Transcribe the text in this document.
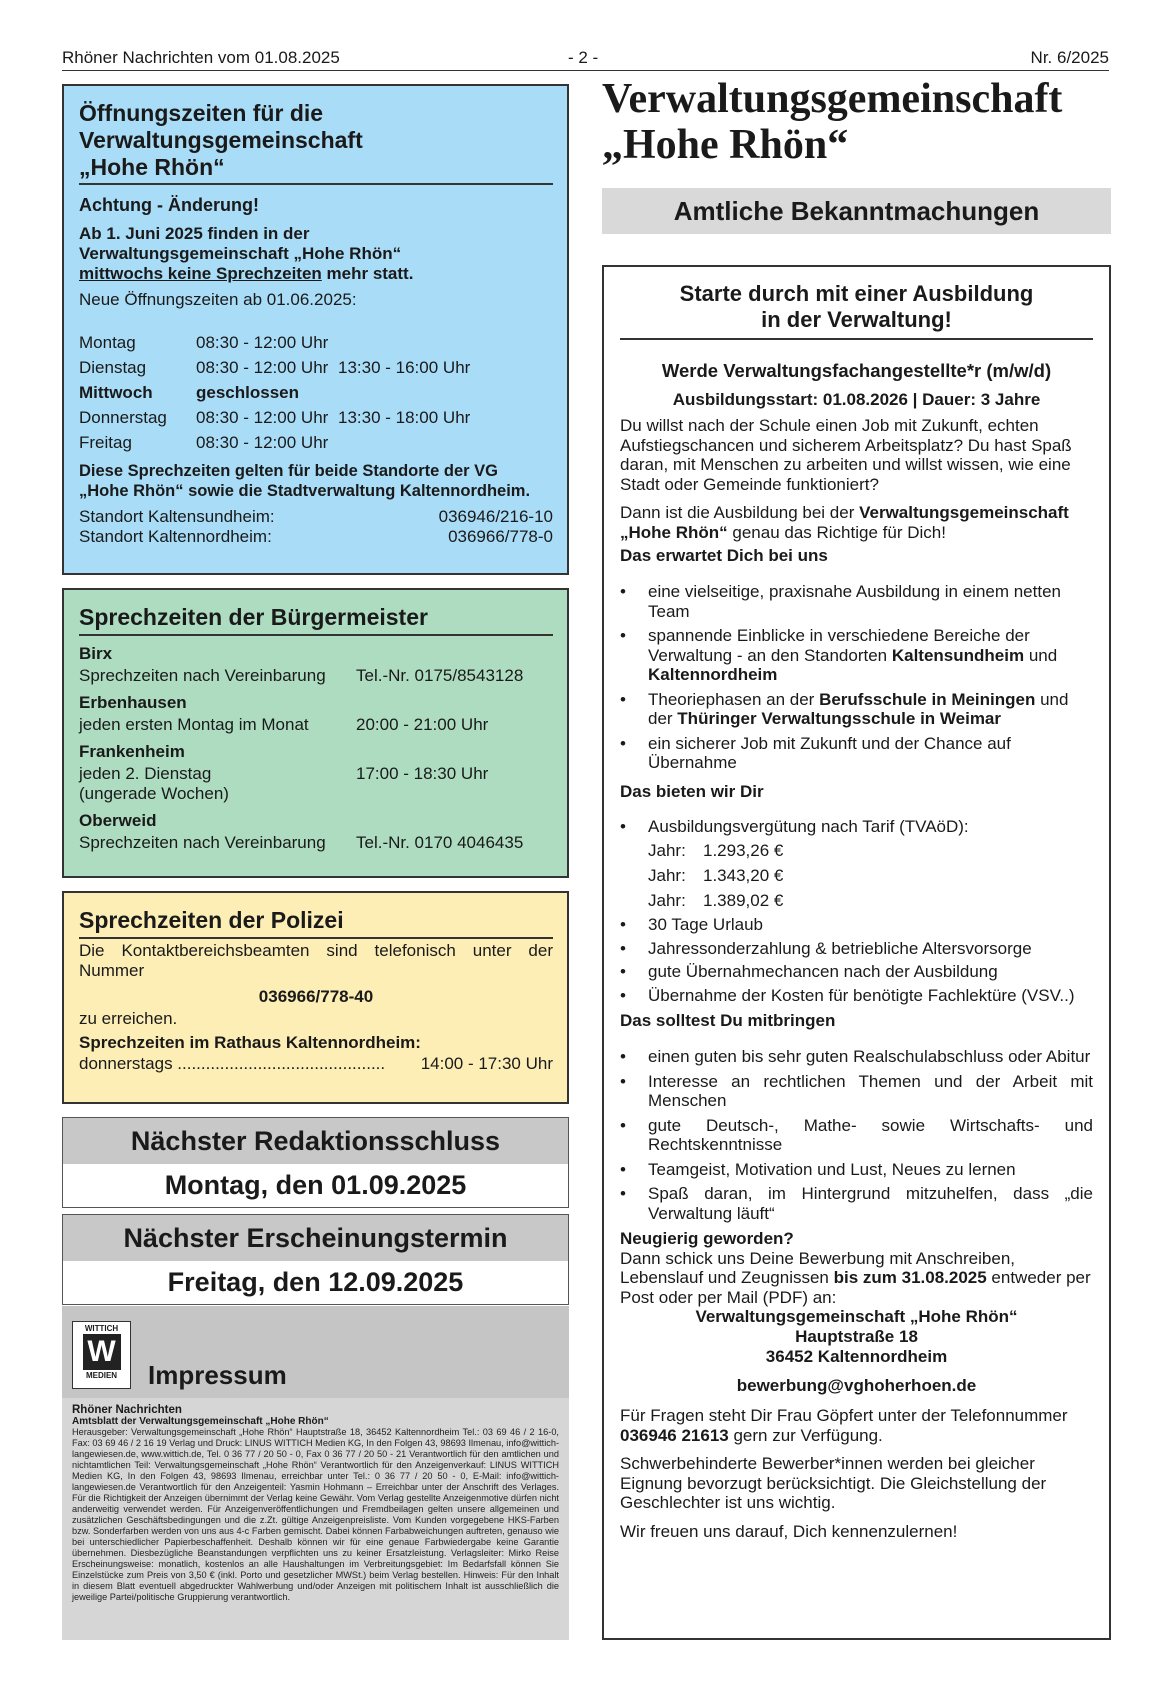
Rhöner Nachrichten vom 01.08.2025	- 2 -	Nr. 6/2025
Öffnungszeiten für die
Verwaltungsgemeinschaft
„Hohe Rhön“
Achtung - Änderung!
Ab 1. Juni 2025 finden in der
Verwaltungsgemeinschaft „Hohe Rhön“
mittwochs keine Sprechzeiten mehr statt.
Neue Öffnungszeiten ab 01.06.2025:
Montag	08:30 - 12:00 Uhr
Dienstag	08:30 - 12:00 Uhr 13:30 - 16:00 Uhr
Mittwoch	geschlossen
Donnerstag	08:30 - 12:00 Uhr 13:30 - 18:00 Uhr
Freitag	08:30 - 12:00 Uhr
Diese Sprechzeiten gelten für beide Standorte der VG
„Hohe Rhön“ sowie die Stadtverwaltung Kaltennordheim.
Standort Kaltensundheim:	036946/216-10
Standort Kaltennordheim:	036966/778-0
Sprechzeiten der Bürgermeister
Birx
Sprechzeiten nach Vereinbarung	Tel.-Nr. 0175/8543128
Erbenhausen
jeden ersten Montag im Monat	20:00 - 21:00 Uhr
Frankenheim
jeden 2. Dienstag
(ungerade Wochen)
17:00 - 18:30 Uhr
Oberweid
Sprechzeiten nach Vereinbarung	Tel.-Nr. 0170 4046435
Sprechzeiten der Polizei
Die Kontaktbereichsbeamten sind telefonisch unter der
Nummer
036966/778-40
zu erreichen.
Sprechzeiten im Rathaus Kaltennordheim:
donnerstags ............................................ 14:00 - 17:30 Uhr
Nächster Redaktionsschluss
Montag, den 01.09.2025
Nächster Erscheinungstermin
Freitag, den 12.09.2025
WITTICH
W
MEDIEN	Impressum
Rhöner Nachrichten
Amtsblatt der Verwaltungsgemeinschaft „Hohe Rhön“
Herausgeber: Verwaltungsgemeinschaft „Hohe Rhön“ Hauptstraße 18, 36452 Kaltennordheim Tel.: 03 69 46 / 2 16-0, Fax: 03 69 46 / 2 16 19 Verlag und Druck: LINUS WITTICH Medien KG, In den Folgen 43, 98693 Ilmenau, info@wittich-langewiesen.de, www.wittich.de, Tel. 0 36 77 / 20 50 - 0, Fax 0 36 77 / 20 50 - 21 Verantwortlich für den amtlichen und nichtamtlichen Teil: Verwaltungsgemeinschaft „Hohe Rhön“ Verantwortlich für den Anzeigenverkauf: LINUS WITTICH Medien KG, In den Folgen 43, 98693 Ilmenau, erreichbar unter Tel.: 0 36 77 / 20 50 - 0, E-Mail: info@wittich-langewiesen.de Verantwortlich für den Anzeigenteil: Yasmin Hohmann – Erreichbar unter der Anschrift des Verlages. Für die Richtigkeit der Anzeigen übernimmt der Verlag keine Gewähr. Vom Verlag gestellte Anzeigenmotive dürfen nicht anderweitig verwendet werden. Für Anzeigenveröffentlichungen und Fremdbeilagen gelten unsere allgemeinen und zusätzlichen Geschäftsbedingungen und die z.Zt. gültige Anzeigenpreisliste. Vom Kunden vorgegebene HKS-Farben bzw. Sonderfarben werden von uns aus 4-c Farben gemischt. Dabei können Farbabweichungen auftreten, genauso wie bei unterschiedlicher Papierbeschaffenheit. Deshalb können wir für eine genaue Farbwiedergabe keine Garantie übernehmen. Diesbezügliche Beanstandungen verpflichten uns zu keiner Ersatzleistung. Verlagsleiter: Mirko Reise Erscheinungsweise: monatlich, kostenlos an alle Haushaltungen im Verbreitungsgebiet: Im Bedarfsfall können Sie Einzelstücke zum Preis von 3,50 € (inkl. Porto und gesetzlicher MWSt.) beim Verlag bestellen. Hinweis: Für den Inhalt in diesem Blatt eventuell abgedruckter Wahlwerbung und/oder Anzeigen mit politischem Inhalt ist ausschließlich die jeweilige Partei/politische Gruppierung verantwortlich.
Verwaltungsgemeinschaft
„Hohe Rhön“
Amtliche Bekanntmachungen
Starte durch mit einer Ausbildung
in der Verwaltung!
Werde Verwaltungsfachangestellte*r (m/w/d)
Ausbildungsstart: 01.08.2026 | Dauer: 3 Jahre

Du willst nach der Schule einen Job mit Zukunft, echten Aufstiegschancen und sicherem Arbeitsplatz? Du hast Spaß daran, mit Menschen zu arbeiten und willst wissen, wie eine Stadt oder Gemeinde funktioniert?

Dann ist die Ausbildung bei der Verwaltungsgemeinschaft „Hohe Rhön“ genau das Richtige für Dich!

Das erwartet Dich bei uns
• eine vielseitige, praxisnahe Ausbildung in einem netten Team
• spannende Einblicke in verschiedene Bereiche der Verwaltung - an den Standorten Kaltensundheim und Kaltennordheim
• Theoriephasen an der Berufsschule in Meiningen und der Thüringer Verwaltungsschule in Weimar
• ein sicherer Job mit Zukunft und der Chance auf Übernahme
Das bieten wir Dir
• Ausbildungsvergütung nach Tarif (TVAöD):
Jahr:	1.293,26 €
Jahr:	1.343,20 €
Jahr:	1.389,02 €
• 30 Tage Urlaub
• Jahressonderzahlung & betriebliche Altersvorsorge
• gute Übernahmechancen nach der Ausbildung
• Übernahme der Kosten für benötigte Fachlektüre (VSV..)
Das solltest Du mitbringen
• einen guten bis sehr guten Realschulabschluss oder Abitur
• Interesse an rechtlichen Themen und der Arbeit mit Menschen
• gute Deutsch-, Mathe- sowie Wirtschafts- und Rechtskenntnisse
• Teamgeist, Motivation und Lust, Neues zu lernen
• Spaß daran, im Hintergrund mitzuhelfen, dass „die Verwaltung läuft“
Neugierig geworden?

Dann schick uns Deine Bewerbung mit Anschreiben, Lebenslauf und Zeugnissen bis zum 31.08.2025 entweder per Post oder per Mail (PDF) an:

Verwaltungsgemeinschaft „Hohe Rhön“
Hauptstraße 18
36452 Kaltennordheim
bewerbung@vghoherhoen.de

Für Fragen steht Dir Frau Göpfert unter der Telefonnummer 036946 21613 gern zur Verfügung.

Schwerbehinderte Bewerber*innen werden bei gleicher Eignung bevorzugt berücksichtigt. Die Gleichstellung der Geschlechter ist uns wichtig.

Wir freuen uns darauf, Dich kennenzulernen!
